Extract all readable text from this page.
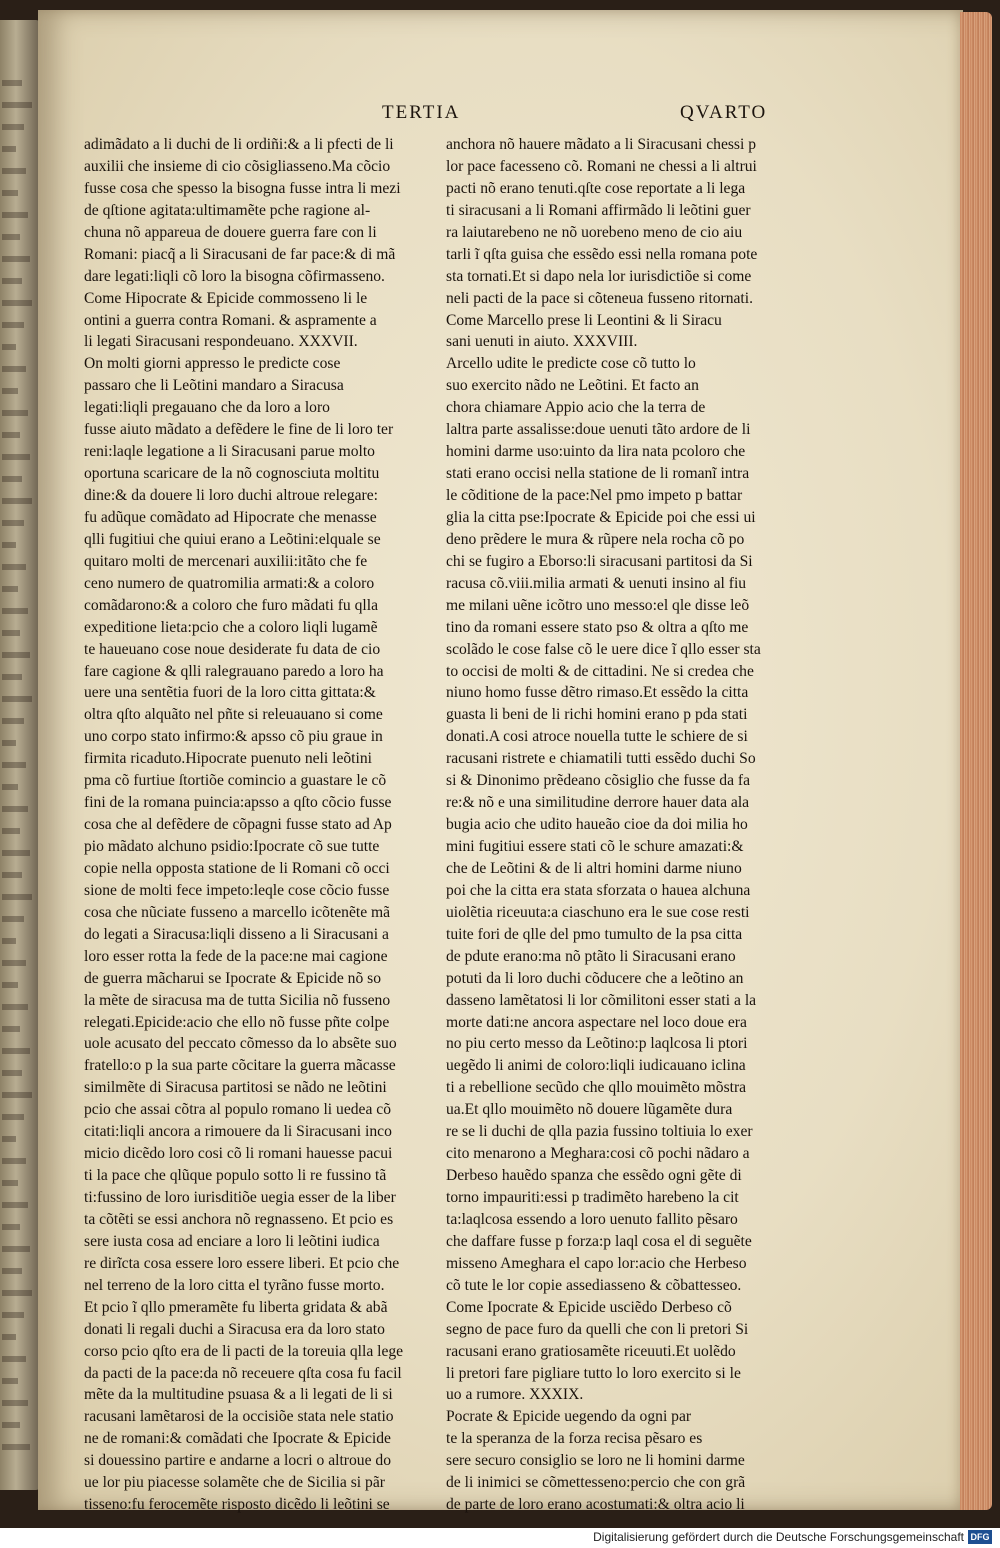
TERTIA	QVARTO
adimãdato a li duchi de li ordiñi:& a li pfecti de li
auxilii che insieme di cio cõsigliasseno.Ma cõcio
fusse cosa che spesso la bisogna fusse intra li mezi
de qſtione agitata:ultimamẽte pche ragione al-
chuna nõ appareua de douere guerra fare con li
Romani: piacq̃ a li Siracusani de far pace:& di mã
dare legati:liqli cõ loro la bisogna cõfirmasseno.
Come Hipocrate & Epicide commosseno li le
ontini a guerra contra Romani. & aspramente a
li legati Siracusani respondeuano. XXXVII.
On molti giorni appresso le predicte cose
passaro che li Leõtini mandaro a Siracusa
legati:liqli pregauano che da loro a loro
fusse aiuto mãdato a defẽdere le fine de li loro ter
reni:laqle legatione a li Siracusani parue molto
oportuna scaricare de la nõ cognosciuta moltitu
dine:& da douere li loro duchi altroue relegare:
fu adũque comãdato ad Hipocrate che menasse
qlli fugitiui che quiui erano a Leõtini:elquale se
quitaro molti de mercenari auxilii:itãto che fe
ceno numero de quatromilia armati:& a coloro
comãdarono:& a coloro che furo mãdati fu qlla
expeditione lieta:pcio che a coloro liqli lugamẽ
te haueuano cose noue desiderate fu data de cio
fare cagione & qlli ralegrauano paredo a loro ha
uere una sentẽtia fuori de la loro citta gittata:&
oltra qſto alquãto nel pñte si releuauano si come
uno corpo stato infirmo:& apsso cõ piu graue in
firmita ricaduto.Hipocrate puenuto neli leõtini
pma cõ furtiue ſtortiõe comincio a guastare le cõ
fini de la romana puincia:apsso a qſto cõcio fusse
cosa che al defẽdere de cõpagni fusse stato ad Ap
pio mãdato alchuno psidio:Ipocrate cõ sue tutte
copie nella opposta statione de li Romani cõ occi
sione de molti fece impeto:leqle cose cõcio fusse
cosa che nũciate fusseno a marcello icõtenẽte mã
do legati a Siracusa:liqli disseno a li Siracusani a
loro esser rotta la fede de la pace:ne mai cagione
de guerra mãcharui se Ipocrate & Epicide nõ so
la mẽte de siracusa ma de tutta Sicilia nõ fusseno
relegati.Epicide:acio che ello nõ fusse pñte colpe
uole acusato del peccato cõmesso da lo absẽte suo
fratello:o p la sua parte cõcitare la guerra mãcasse
similmẽte di Siracusa partitosi se nãdo ne leõtini
pcio che assai cõtra al populo romano li uedea cõ
citati:liqli ancora a rimouere da li Siracusani inco
micio dicẽdo loro cosi cõ li romani hauesse pacui
ti la pace che qlũque populo sotto li re fussino tã
ti:fussino de loro iurisditiõe uegia esser de la liber
ta cõtẽti se essi anchora nõ regnasseno. Et pcio es
sere iusta cosa ad enciare a loro li leõtini iudica
re dirĩcta cosa essere loro essere liberi. Et pcio che
nel terreno de la loro citta el tyrãno fusse morto.
Et pcio ĩ qllo pmeramẽte fu liberta gridata & abã
donati li regali duchi a Siracusa era da loro stato
corso pcio qſto era de li pacti de la toreuia qlla lege
da pacti de la pace:da nõ receuere qſta cosa fu facil
mẽte da la multitudine psuasa & a li legati de li si
racusani lamẽtarosi de la occisiõe stata nele statio
ne de romani:& comãdati che Ipocrate & Epicide
si douessino partire e andarne a locri o altroue do
ue lor piu piacesse solamẽte che de Sicilia si pãr
tisseno:fu ferocemẽte risposto dicẽdo li leõtini se
anchora nõ hauere mãdato a li Siracusani chessi p
lor pace facesseno cõ. Romani ne chessi a li altrui
pacti nõ erano tenuti.qſte cose reportate a li lega
ti siracusani a li Romani affirmãdo li leõtini guer
ra laiutarebeno ne nõ uorebeno meno de cio aiu
tarli ĩ qſta guisa che essẽdo essi nella romana pote
sta tornati.Et si dapo nela lor iurisdictiõe si come
neli pacti de la pace si cõteneua fusseno ritornati.
Come Marcello prese li Leontini & li Siracu
sani uenuti in aiuto. XXXVIII.
Arcello udite le predicte cose cõ tutto lo
suo exercito nãdo ne Leõtini. Et facto an
chora chiamare Appio acio che la terra de
laltra parte assalisse:doue uenuti tãto ardore de li
homini darme uso:uinto da lira nata pcoloro che
stati erano occisi nella statione de li romanĩ intra
le cõditione de la pace:Nel pmo impeto p battar
glia la citta pse:Ipocrate & Epicide poi che essi ui
deno prẽdere le mura & rũpere nela rocha cõ po
chi se fugiro a Eborso:li siracusani partitosi da Si
racusa cõ.viii.milia armati & uenuti insino al fiu
me milani uẽne icõtro uno messo:el qle disse leõ
tino da romani essere stato pso & oltra a qſto me
scolãdo le cose false cõ le uere dice ĩ qllo esser sta
to occisi de molti & de cittadini. Ne si credea che
niuno homo fusse dẽtro rimaso.Et essẽdo la citta
guasta li beni de li richi homini erano p pda stati
donati.A cosi atroce nouella tutte le schiere de si
racusani ristrete e chiamatili tutti essẽdo duchi So
si & Dinonimo prẽdeano cõsiglio che fusse da fa
re:& nõ e una similitudine derrore hauer data ala
bugia acio che udito haueão cioe da doi milia ho
mini fugitiui essere stati cõ le schure amazati:&
che de Leõtini & de li altri homini darme niuno
poi che la citta era stata sforzata o hauea alchuna
uiolẽtia riceuuta:a ciaschuno era le sue cose resti
tuite fori de qlle del pmo tumulto de la psa citta
de pdute erano:ma nõ ptãto li Siracusani erano
potuti da li loro duchi cõducere che a leõtino an
dasseno lamẽtatosi li lor cõmilitoni esser stati a la
morte dati:ne ancora aspectare nel loco doue era
no piu certo messo da Leõtino:p laqlcosa li ptori
uegẽdo li animi de coloro:liqli iudicauano iclina
ti a rebellione secũdo che qllo mouimẽto mõstra
ua.Et qllo mouimẽto nõ douere lũgamẽte dura
re se li duchi de qlla pazia fussino toltiuia lo exer
cito menarono a Meghara:cosi cõ pochi nãdaro a
Derbeso hauẽdo spanza che essẽdo ogni gẽte di
torno impauriti:essi p tradimẽto harebeno la cit
ta:laqlcosa essendo a loro uenuto fallito pẽsaro
che daffare fusse p forza:p laql cosa el di seguẽte
misseno Ameghara el capo lor:acio che Herbeso
cõ tute le lor copie assediasseno & cõbattesseo.
Come Ipocrate & Epicide usciẽdo Derbeso cõ
segno de pace furo da quelli che con li pretori Si
racusani erano gratiosamẽte riceuuti.Et uolẽdo
li pretori fare pigliare tutto lo loro exercito si le
uo a rumore. XXXIX.
Pocrate & Epicide uegendo da ogni par
te la speranza de la forza recisa pẽsaro es
sere securo consiglio se loro ne li homini darme
de li inimici se cõmettesseno:percio che con grã
de parte de loro erano acostumati:& oltra acio li
Digitalisierung gefördert durch die Deutsche Forschungsgemeinschaft DFG
